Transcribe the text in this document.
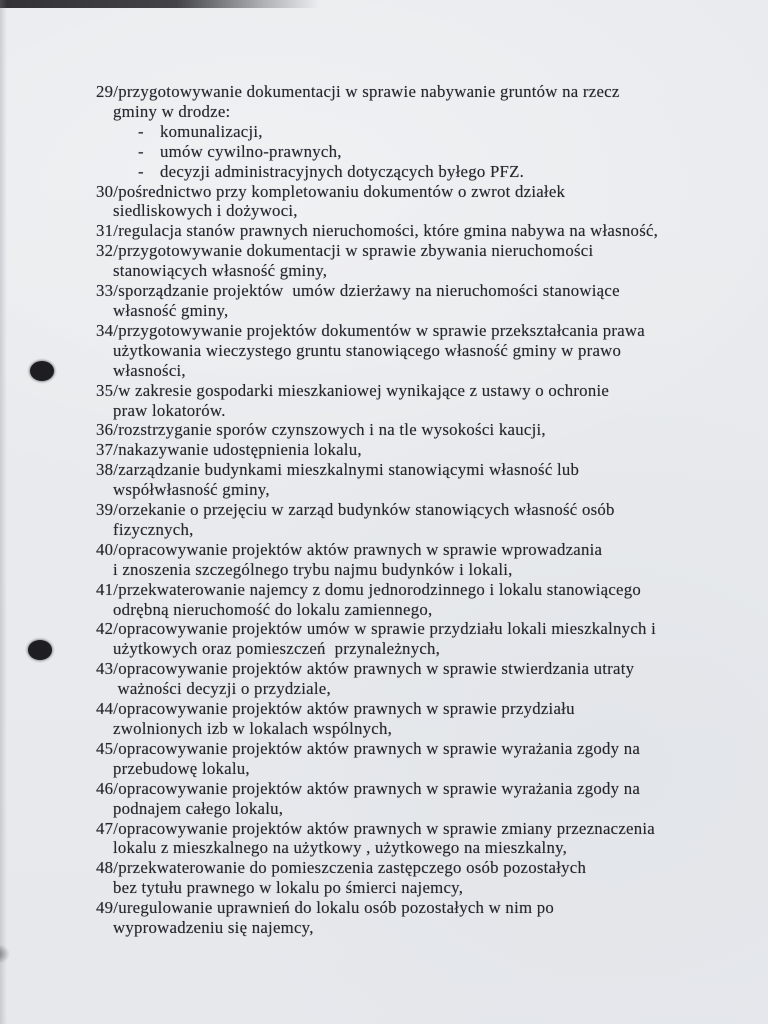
29/przygotowywanie dokumentacji w sprawie nabywanie gruntów na rzecz
gminy w drodze:
- komunalizacji,
- umów cywilno-prawnych,
- decyzji administracyjnych dotyczących byłego PFZ.
30/pośrednictwo przy kompletowaniu dokumentów o zwrot działek
siedliskowych i dożywoci,
31/regulacja stanów prawnych nieruchomości, które gmina nabywa na własność,
32/przygotowywanie dokumentacji w sprawie zbywania nieruchomości
stanowiących własność gminy,
33/sporządzanie projektów  umów dzierżawy na nieruchomości stanowiące
własność gminy,
34/przygotowywanie projektów dokumentów w sprawie przekształcania prawa
użytkowania wieczystego gruntu stanowiącego własność gminy w prawo
własności,
35/w zakresie gospodarki mieszkaniowej wynikające z ustawy o ochronie
praw lokatorów.
36/rozstrzyganie sporów czynszowych i na tle wysokości kaucji,
37/nakazywanie udostępnienia lokalu,
38/zarządzanie budynkami mieszkalnymi stanowiącymi własność lub
współwłasność gminy,
39/orzekanie o przejęciu w zarząd budynków stanowiących własność osób
fizycznych,
40/opracowywanie projektów aktów prawnych w sprawie wprowadzania
i znoszenia szczególnego trybu najmu budynków i lokali,
41/przekwaterowanie najemcy z domu jednorodzinnego i lokalu stanowiącego
odrębną nieruchomość do lokalu zamiennego,
42/opracowywanie projektów umów w sprawie przydziału lokali mieszkalnych i
użytkowych oraz pomieszczeń  przynależnych,
43/opracowywanie projektów aktów prawnych w sprawie stwierdzania utraty
ważności decyzji o przydziale,
44/opracowywanie projektów aktów prawnych w sprawie przydziału
zwolnionych izb w lokalach wspólnych,
45/opracowywanie projektów aktów prawnych w sprawie wyrażania zgody na
przebudowę lokalu,
46/opracowywanie projektów aktów prawnych w sprawie wyrażania zgody na
podnajem całego lokalu,
47/opracowywanie projektów aktów prawnych w sprawie zmiany przeznaczenia
lokalu z mieszkalnego na użytkowy , użytkowego na mieszkalny,
48/przekwaterowanie do pomieszczenia zastępczego osób pozostałych
bez tytułu prawnego w lokalu po śmierci najemcy,
49/uregulowanie uprawnień do lokalu osób pozostałych w nim po
wyprowadzeniu się najemcy,
